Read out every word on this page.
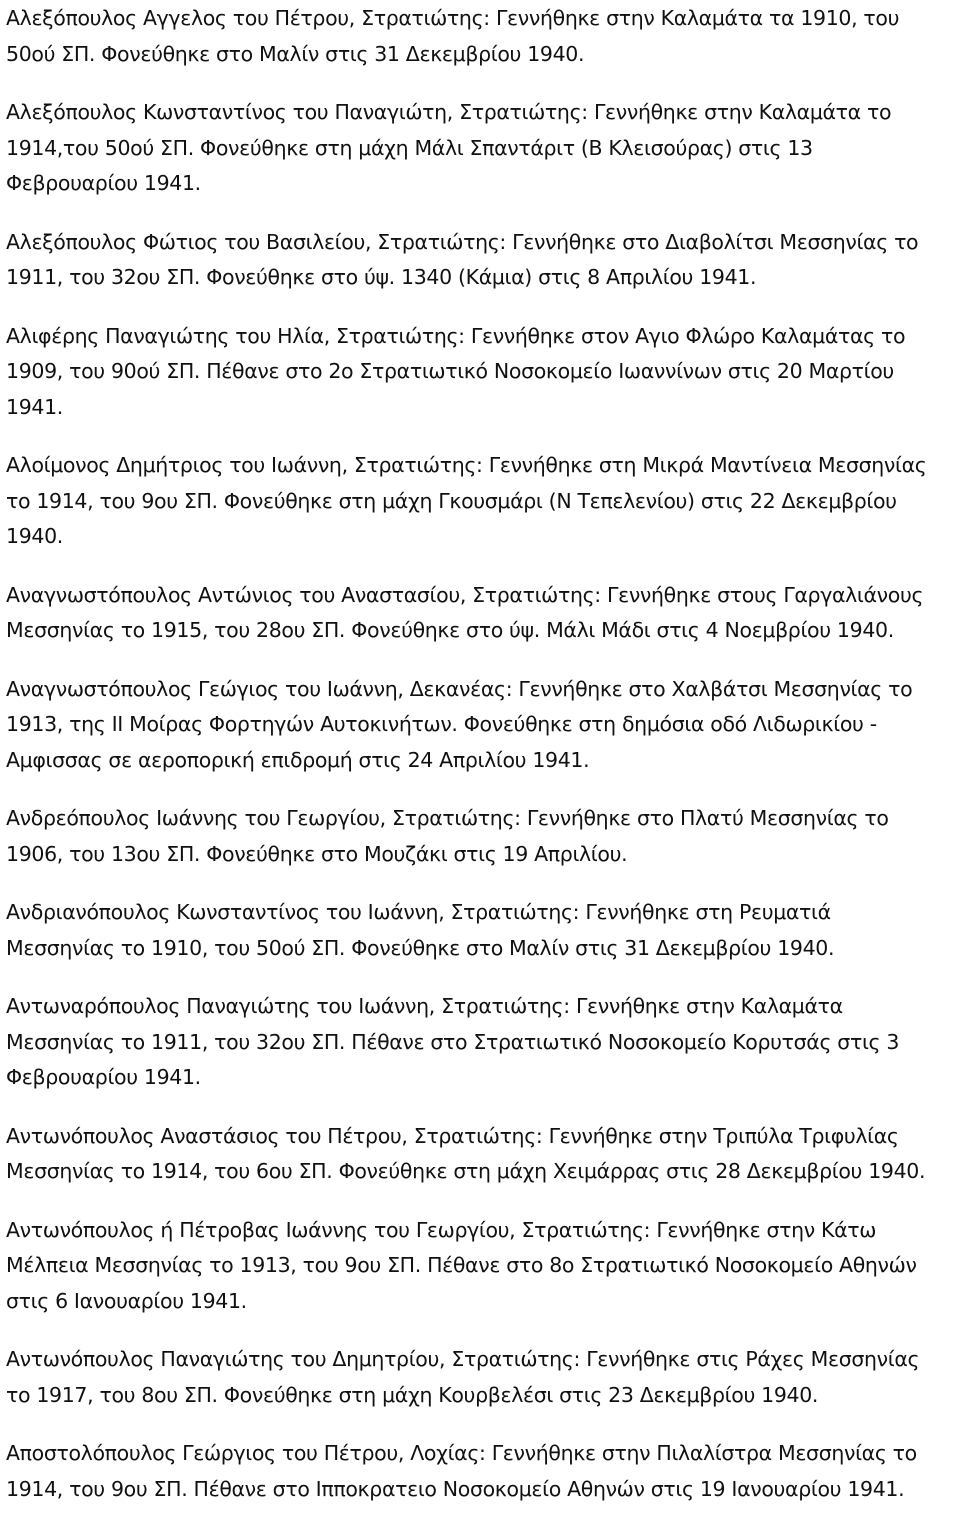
Αλεξόπουλος Αγγελος του Πέτρου, Στρατιώτης: Γεννήθηκε στην Καλαμάτα τα 1910, του
50ού ΣΠ. Φονεύθηκε στο Μαλίν στις 31 Δεκεμβρίου 1940.
Αλεξόπουλος Κωνσταντίνος του Παναγιώτη, Στρατιώτης: Γεννήθηκε στην Καλαμάτα το
1914,του 50ού ΣΠ. Φονεύθηκε στη μάχη Μάλι Σπαντάριτ (Β Κλεισούρας) στις 13
Φεβρουαρίου 1941.
Αλεξόπουλος Φώτιος του Βασιλείου, Στρατιώτης: Γεννήθηκε στο Διαβολίτσι Μεσσηνίας το
1911, του 32ου ΣΠ. Φονεύθηκε στο ύψ. 1340 (Κάμια) στις 8 Απριλίου 1941.
Αλιφέρης Παναγιώτης του Ηλία, Στρατιώτης: Γεννήθηκε στον Αγιο Φλώρο Καλαμάτας το
1909, του 90ού ΣΠ. Πέθανε στο 2ο Στρατιωτικό Νοσοκομείο Ιωαννίνων στις 20 Μαρτίου
1941.
Αλοίμονος Δημήτριος του Ιωάννη, Στρατιώτης: Γεννήθηκε στη Μικρά Μαντίνεια Μεσσηνίας
το 1914, του 9ου ΣΠ. Φονεύθηκε στη μάχη Γκουσμάρι (Ν Τεπελενίου) στις 22 Δεκεμβρίου
1940.
Αναγνωστόπουλος Αντώνιος του Αναστασίου, Στρατιώτης: Γεννήθηκε στους Γαργαλιάνους
Μεσσηνίας το 1915, του 28ου ΣΠ. Φονεύθηκε στο ύψ. Μάλι Μάδι στις 4 Νοεμβρίου 1940.
Αναγνωστόπουλος Γεώγιος του Ιωάννη, Δεκανέας: Γεννήθηκε στο Χαλβάτσι Μεσσηνίας το
1913, της ΙΙ Μοίρας Φορτηγών Αυτοκινήτων. Φονεύθηκε στη δημόσια οδό Λιδωρικίου -
Αμφισσας σε αεροπορική επιδρομή στις 24 Απριλίου 1941.
Ανδρεόπουλος Ιωάννης του Γεωργίου, Στρατιώτης: Γεννήθηκε στο Πλατύ Μεσσηνίας το
1906, του 13ου ΣΠ. Φονεύθηκε στο Μουζάκι στις 19 Απριλίου.
Ανδριανόπουλος Κωνσταντίνος του Ιωάννη, Στρατιώτης: Γεννήθηκε στη Ρευματιά
Μεσσηνίας το 1910, του 50ού ΣΠ. Φονεύθηκε στο Μαλίν στις 31 Δεκεμβρίου 1940.
Αντωναρόπουλος Παναγιώτης του Ιωάννη, Στρατιώτης: Γεννήθηκε στην Καλαμάτα
Μεσσηνίας το 1911, του 32ου ΣΠ. Πέθανε στο Στρατιωτικό Νοσοκομείο Κορυτσάς στις 3
Φεβρουαρίου 1941.
Αντωνόπουλος Αναστάσιος του Πέτρου, Στρατιώτης: Γεννήθηκε στην Τριπύλα Τριφυλίας
Μεσσηνίας το 1914, του 6ου ΣΠ. Φονεύθηκε στη μάχη Χειμάρρας στις 28 Δεκεμβρίου 1940.
Αντωνόπουλος ή Πέτροβας Ιωάννης του Γεωργίου, Στρατιώτης: Γεννήθηκε στην Κάτω
Μέλπεια Μεσσηνίας το 1913, του 9ου ΣΠ. Πέθανε στο 8ο Στρατιωτικό Νοσοκομείο Αθηνών
στις 6 Ιανουαρίου 1941.
Αντωνόπουλος Παναγιώτης του Δημητρίου, Στρατιώτης: Γεννήθηκε στις Ράχες Μεσσηνίας
το 1917, του 8ου ΣΠ. Φονεύθηκε στη μάχη Κουρβελέσι στις 23 Δεκεμβρίου 1940.
Αποστολόπουλος Γεώργιος του Πέτρου, Λοχίας: Γεννήθηκε στην Πιλαλίστρα Μεσσηνίας το
1914, του 9ου ΣΠ. Πέθανε στο Ιπποκρατειο Νοσοκομείο Αθηνών στις 19 Ιανουαρίου 1941.
